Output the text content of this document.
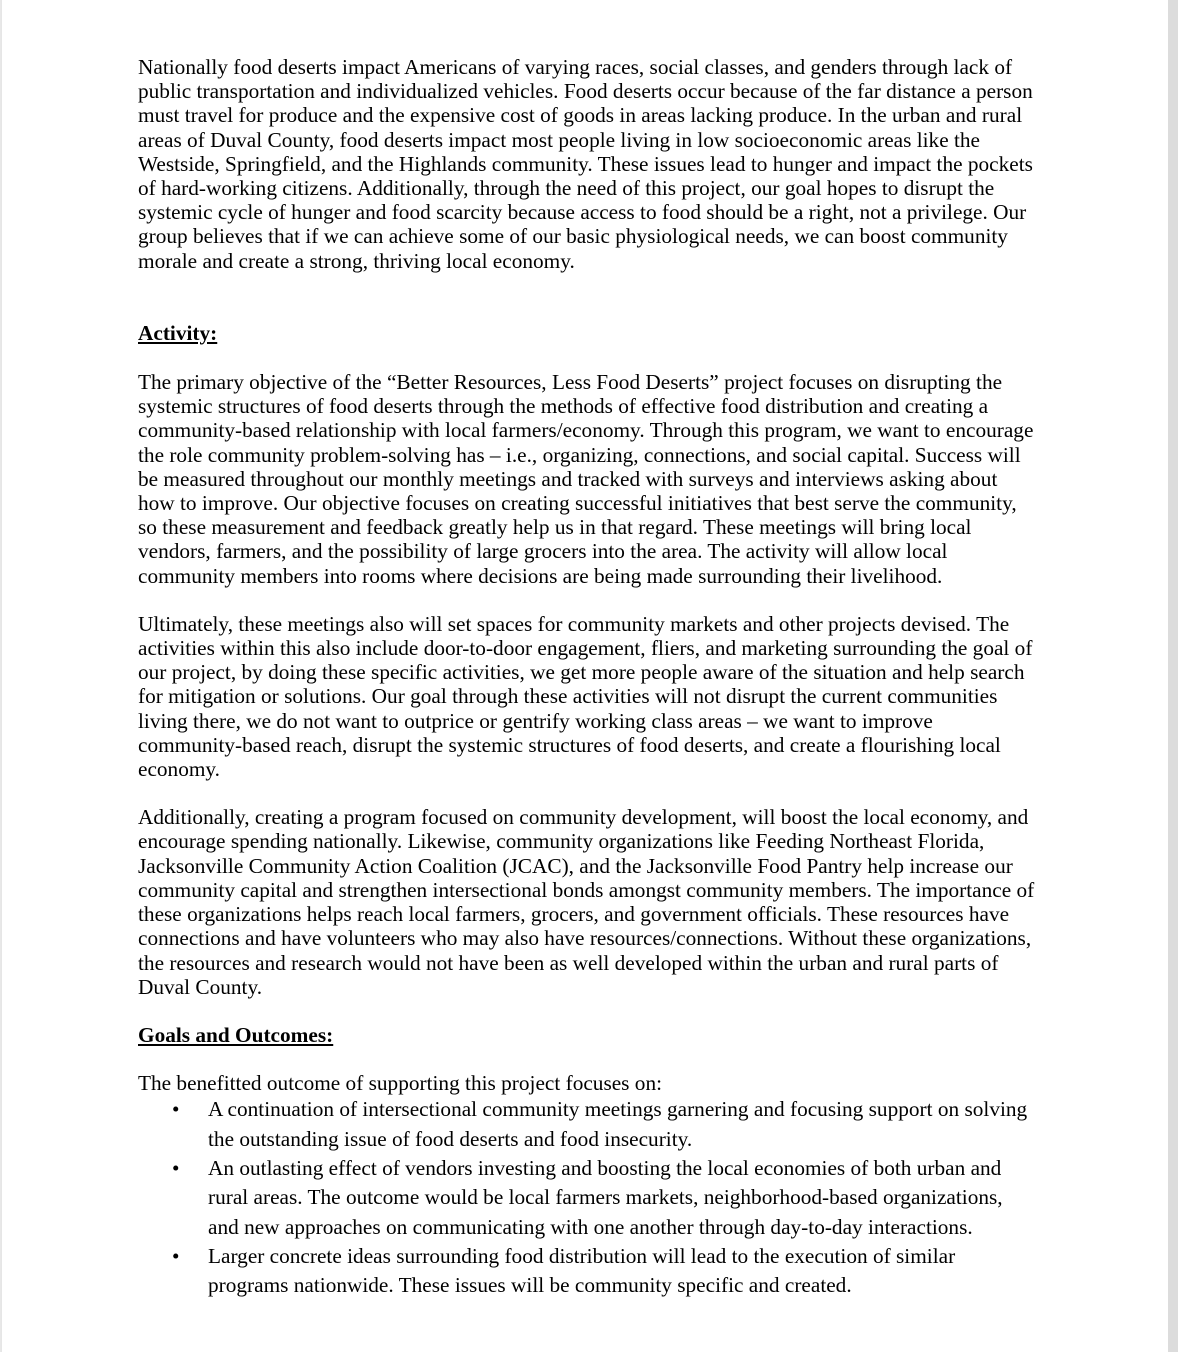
Nationally food deserts impact Americans of varying races, social classes, and genders through lack of public transportation and individualized vehicles. Food deserts occur because of the far distance a person must travel for produce and the expensive cost of goods in areas lacking produce. In the urban and rural areas of Duval County, food deserts impact most people living in low socioeconomic areas like the Westside, Springfield, and the Highlands community. These issues lead to hunger and impact the pockets of hard-working citizens. Additionally, through the need of this project, our goal hopes to disrupt the systemic cycle of hunger and food scarcity because access to food should be a right, not a privilege. Our group believes that if we can achieve some of our basic physiological needs, we can boost community morale and create a strong, thriving local economy.

Activity:

The primary objective of the “Better Resources, Less Food Deserts” project focuses on disrupting the systemic structures of food deserts through the methods of effective food distribution and creating a community-based relationship with local farmers/economy. Through this program, we want to encourage the role community problem-solving has – i.e., organizing, connections, and social capital. Success will be measured throughout our monthly meetings and tracked with surveys and interviews asking about how to improve. Our objective focuses on creating successful initiatives that best serve the community, so these measurement and feedback greatly help us in that regard. These meetings will bring local vendors, farmers, and the possibility of large grocers into the area. The activity will allow local community members into rooms where decisions are being made surrounding their livelihood.

Ultimately, these meetings also will set spaces for community markets and other projects devised. The activities within this also include door-to-door engagement, fliers, and marketing surrounding the goal of our project, by doing these specific activities, we get more people aware of the situation and help search for mitigation or solutions. Our goal through these activities will not disrupt the current communities living there, we do not want to outprice or gentrify working class areas – we want to improve community-based reach, disrupt the systemic structures of food deserts, and create a flourishing local economy.

Additionally, creating a program focused on community development, will boost the local economy, and encourage spending nationally. Likewise, community organizations like Feeding Northeast Florida, Jacksonville Community Action Coalition (JCAC), and the Jacksonville Food Pantry help increase our community capital and strengthen intersectional bonds amongst community members. The importance of these organizations helps reach local farmers, grocers, and government officials. These resources have connections and have volunteers who may also have resources/connections. Without these organizations, the resources and research would not have been as well developed within the urban and rural parts of Duval County.

Goals and Outcomes:

The benefitted outcome of supporting this project focuses on:

• A continuation of intersectional community meetings garnering and focusing support on solving the outstanding issue of food deserts and food insecurity.
• An outlasting effect of vendors investing and boosting the local economies of both urban and rural areas. The outcome would be local farmers markets, neighborhood-based organizations, and new approaches on communicating with one another through day-to-day interactions.
• Larger concrete ideas surrounding food distribution will lead to the execution of similar programs nationwide. These issues will be community specific and created.
